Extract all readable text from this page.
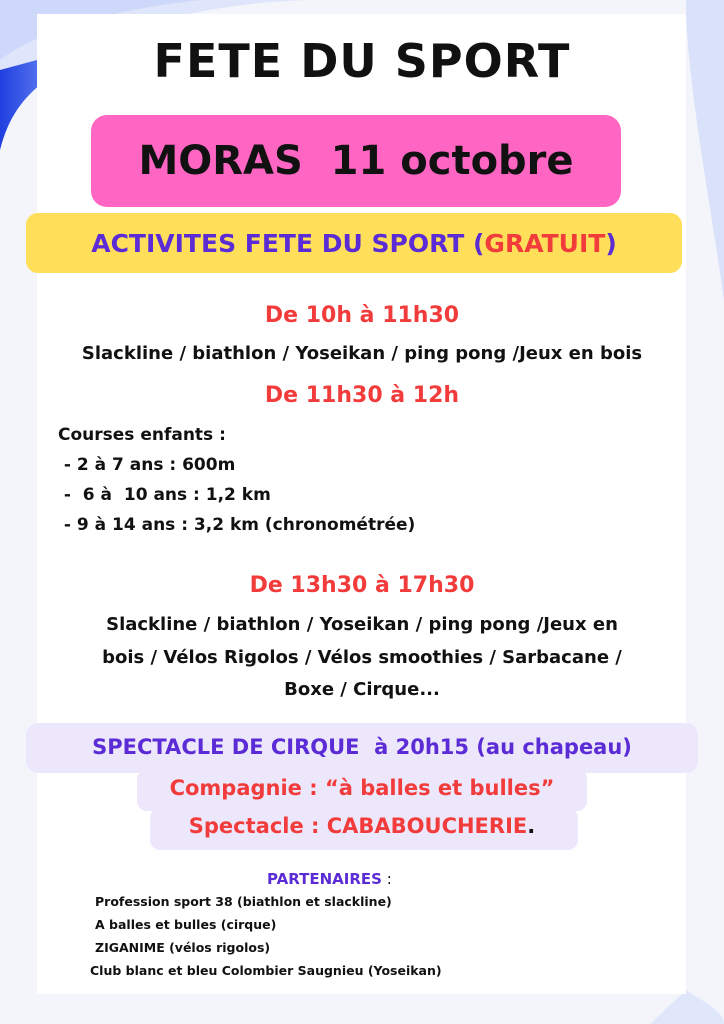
FETE DU SPORT
MORAS  11 octobre
ACTIVITES FETE DU SPORT ( GRATUIT )
De 10h à 11h30
Slackline / biathlon / Yoseikan / ping pong /Jeux en bois
De 11h30 à 12h
Courses enfants :
- 2 à 7 ans : 600m
-  6 à  10 ans : 1,2 km
- 9 à 14 ans : 3,2 km (chronométrée)
De 13h30 à 17h30
Slackline / biathlon / Yoseikan / ping pong /Jeux en
bois / Vélos Rigolos / Vélos smoothies / Sarbacane /
Boxe / Cirque...
SPECTACLE DE CIRQUE  à 20h15 (au chapeau)
Compagnie : “à balles et bulles”
Spectacle : CABABOUCHERIE.
PARTENAIRES :
Profession sport 38 (biathlon et slackline)
A balles et bulles (cirque)
ZIGANIME (vélos rigolos)
Club blanc et bleu Colombier Saugnieu (Yoseikan)
